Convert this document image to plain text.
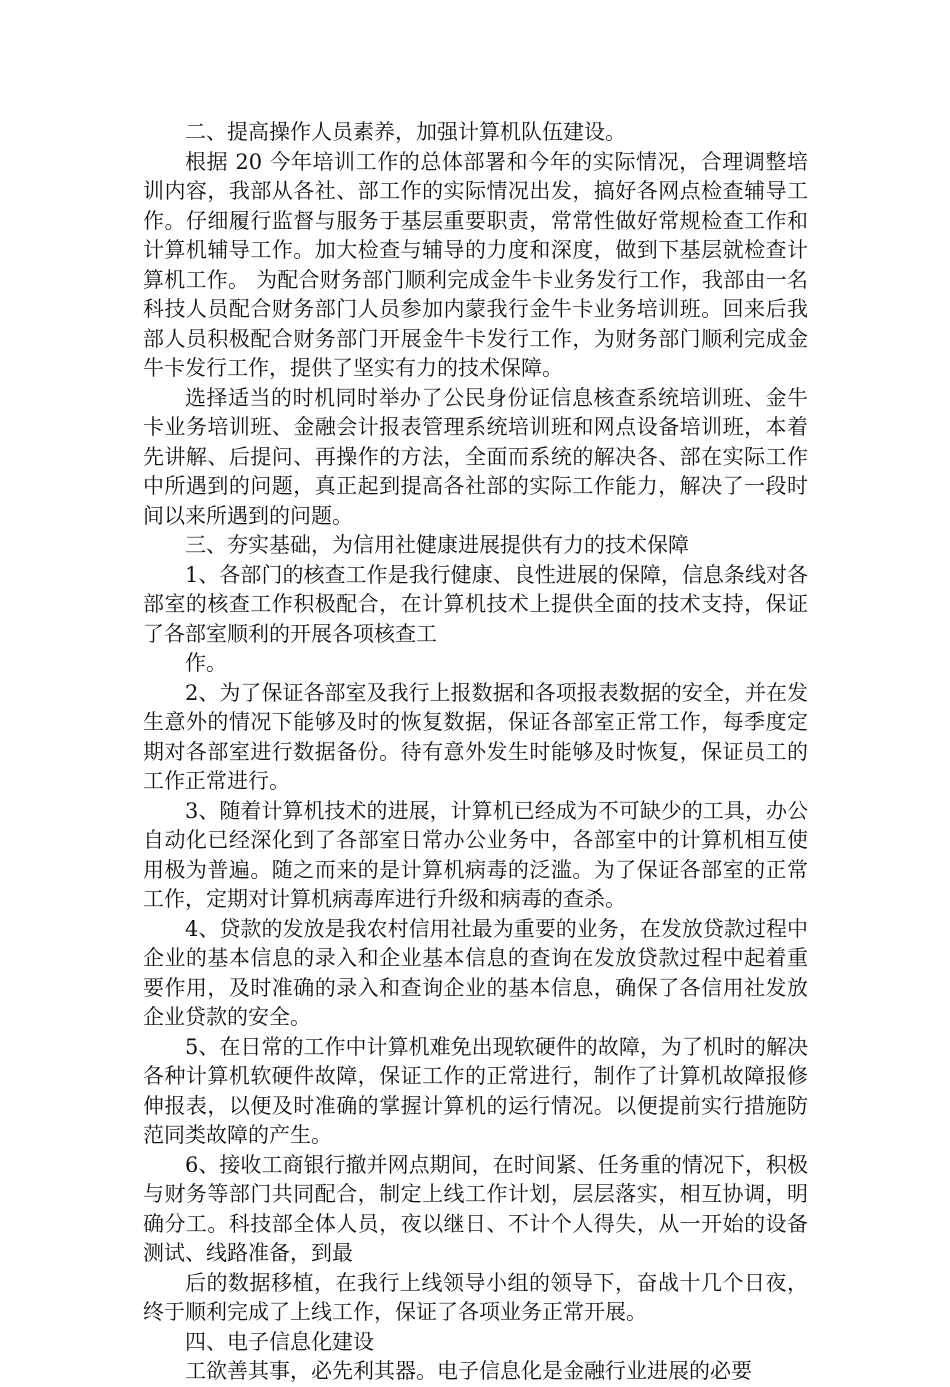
二、提高操作人员素养，加强计算机队伍建设。

根据 20 今年培训工作的总体部署和今年的实际情况，合理调整培训内容，我部从各社、部工作的实际情况出发，搞好各网点检查辅导工作。仔细履行监督与服务于基层重要职责，常常性做好常规检查工作和计算机辅导工作。加大检查与辅导的力度和深度，做到下基层就检查计算机工作。 为配合财务部门顺利完成金牛卡业务发行工作，我部由一名科技人员配合财务部门人员参加内蒙我行金牛卡业务培训班。回来后我部人员积极配合财务部门开展金牛卡发行工作，为财务部门顺利完成金牛卡发行工作，提供了坚实有力的技术保障。

选择适当的时机同时举办了公民身份证信息核查系统培训班、金牛卡业务培训班、金融会计报表管理系统培训班和网点设备培训班，本着先讲解、后提问、再操作的方法，全面而系统的解决各、部在实际工作中所遇到的问题，真正起到提高各社部的实际工作能力，解决了一段时间以来所遇到的问题。

三、夯实基础，为信用社健康进展提供有力的技术保障

1、各部门的核查工作是我行健康、良性进展的保障，信息条线对各部室的核查工作积极配合，在计算机技术上提供全面的技术支持，保证了各部室顺利的开展各项核查工

作。

2、为了保证各部室及我行上报数据和各项报表数据的安全，并在发生意外的情况下能够及时的恢复数据，保证各部室正常工作，每季度定期对各部室进行数据备份。待有意外发生时能够及时恢复，保证员工的工作正常进行。

3、随着计算机技术的进展，计算机已经成为不可缺少的工具，办公自动化已经深化到了各部室日常办公业务中，各部室中的计算机相互使用极为普遍。随之而来的是计算机病毒的泛滥。为了保证各部室的正常工作，定期对计算机病毒库进行升级和病毒的查杀。

4、贷款的发放是我农村信用社最为重要的业务，在发放贷款过程中企业的基本信息的录入和企业基本信息的查询在发放贷款过程中起着重要作用，及时准确的录入和查询企业的基本信息，确保了各信用社发放企业贷款的安全。

5、在日常的工作中计算机难免出现软硬件的故障，为了机时的解决各种计算机软硬件故障，保证工作的正常进行，制作了计算机故障报修伸报表，以便及时准确的掌握计算机的运行情况。以便提前实行措施防范同类故障的产生。

6、接收工商银行撤并网点期间，在时间紧、任务重的情况下，积极与财务等部门共同配合，制定上线工作计划，层层落实，相互协调，明确分工。科技部全体人员，夜以继日、不计个人得失，从一开始的设备测试、线路准备，到最

后的数据移植，在我行上线领导小组的领导下，奋战十几个日夜，终于顺利完成了上线工作，保证了各项业务正常开展。

四、电子信息化建设

工欲善其事，必先利其器。电子信息化是金融行业进展的必要
